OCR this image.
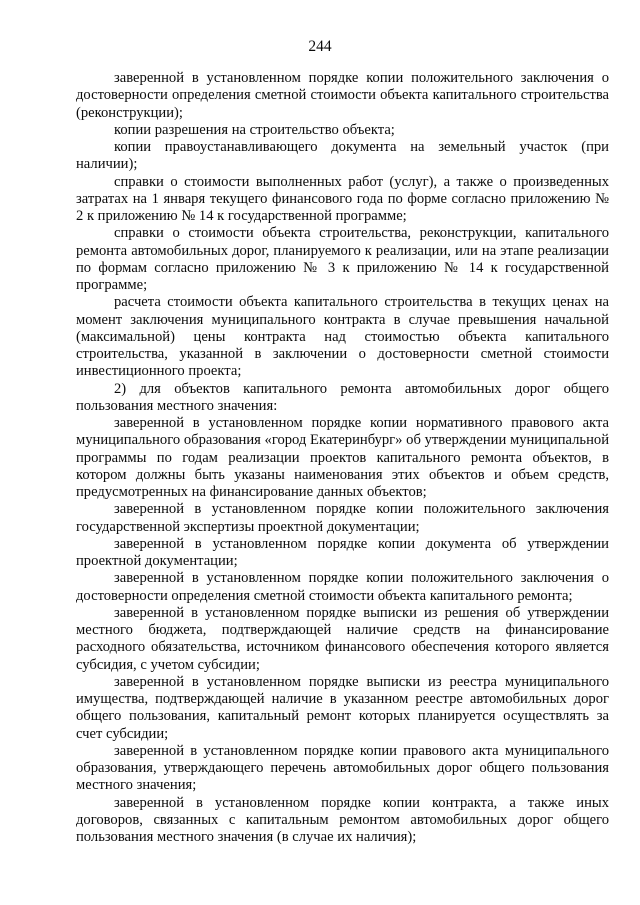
244

заверенной в установленном порядке копии положительного заключения о достоверности определения сметной стоимости объекта капитального строительства (реконструкции);

копии разрешения на строительство объекта;

копии правоустанавливающего документа на земельный участок (при наличии);

справки о стоимости выполненных работ (услуг), а также о произведенных затратах на 1 января текущего финансового года по форме согласно приложению № 2 к приложению № 14 к государственной программе;

справки о стоимости объекта строительства, реконструкции, капитального ремонта автомобильных дорог, планируемого к реализации, или на этапе реализации по формам согласно приложению № 3 к приложению № 14 к государственной программе;

расчета стоимости объекта капитального строительства в текущих ценах на момент заключения муниципального контракта в случае превышения начальной (максимальной) цены контракта над стоимостью объекта капитального строительства, указанной в заключении о достоверности сметной стоимости инвестиционного проекта;

2) для объектов капитального ремонта автомобильных дорог общего пользования местного значения:

заверенной в установленном порядке копии нормативного правового акта муниципального образования «город Екатеринбург» об утверждении муниципальной программы по годам реализации проектов капитального ремонта объектов, в котором должны быть указаны наименования этих объектов и объем средств, предусмотренных на финансирование данных объектов;

заверенной в установленном порядке копии положительного заключения государственной экспертизы проектной документации;

заверенной в установленном порядке копии документа об утверждении проектной документации;

заверенной в установленном порядке копии положительного заключения о достоверности определения сметной стоимости объекта капитального ремонта;

заверенной в установленном порядке выписки из решения об утверждении местного бюджета, подтверждающей наличие средств на финансирование расходного обязательства, источником финансового обеспечения которого является субсидия, с учетом субсидии;

заверенной в установленном порядке выписки из реестра муниципального имущества, подтверждающей наличие в указанном реестре автомобильных дорог общего пользования, капитальный ремонт которых планируется осуществлять за счет субсидии;

заверенной в установленном порядке копии правового акта муниципального образования, утверждающего перечень автомобильных дорог общего пользования местного значения;

заверенной в установленном порядке копии контракта, а также иных договоров, связанных с капитальным ремонтом автомобильных дорог общего пользования местного значения (в случае их наличия);
